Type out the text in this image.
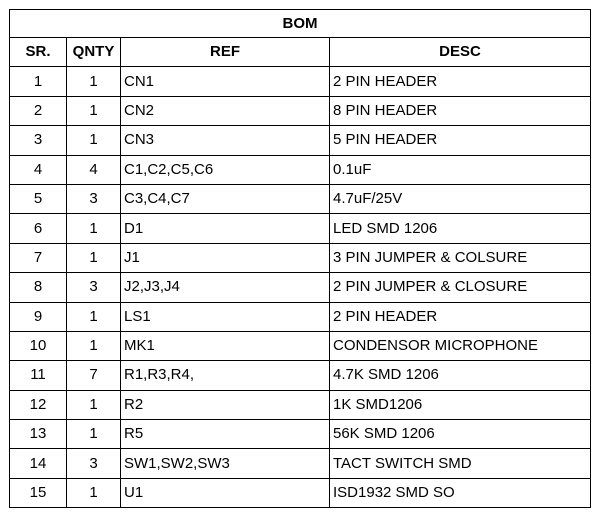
BOM			
SR.	QNTY	REF	DESC
1	1	CN1	2 PIN HEADER
2	1	CN2	8 PIN HEADER
3	1	CN3	5 PIN HEADER
4	4	C1,C2,C5,C6	0.1uF
5	3	C3,C4,C7	4.7uF/25V
6	1	D1	LED SMD 1206
7	1	J1	3 PIN JUMPER & COLSURE
8	3	J2,J3,J4	2 PIN JUMPER & CLOSURE
9	1	LS1	2 PIN HEADER
10	1	MK1	CONDENSOR MICROPHONE
11	7	R1,R3,R4,	4.7K SMD 1206
12	1	R2	1K SMD1206
13	1	R5	56K SMD 1206
14	3	SW1,SW2,SW3	TACT SWITCH SMD
15	1	U1	ISD1932 SMD SO
